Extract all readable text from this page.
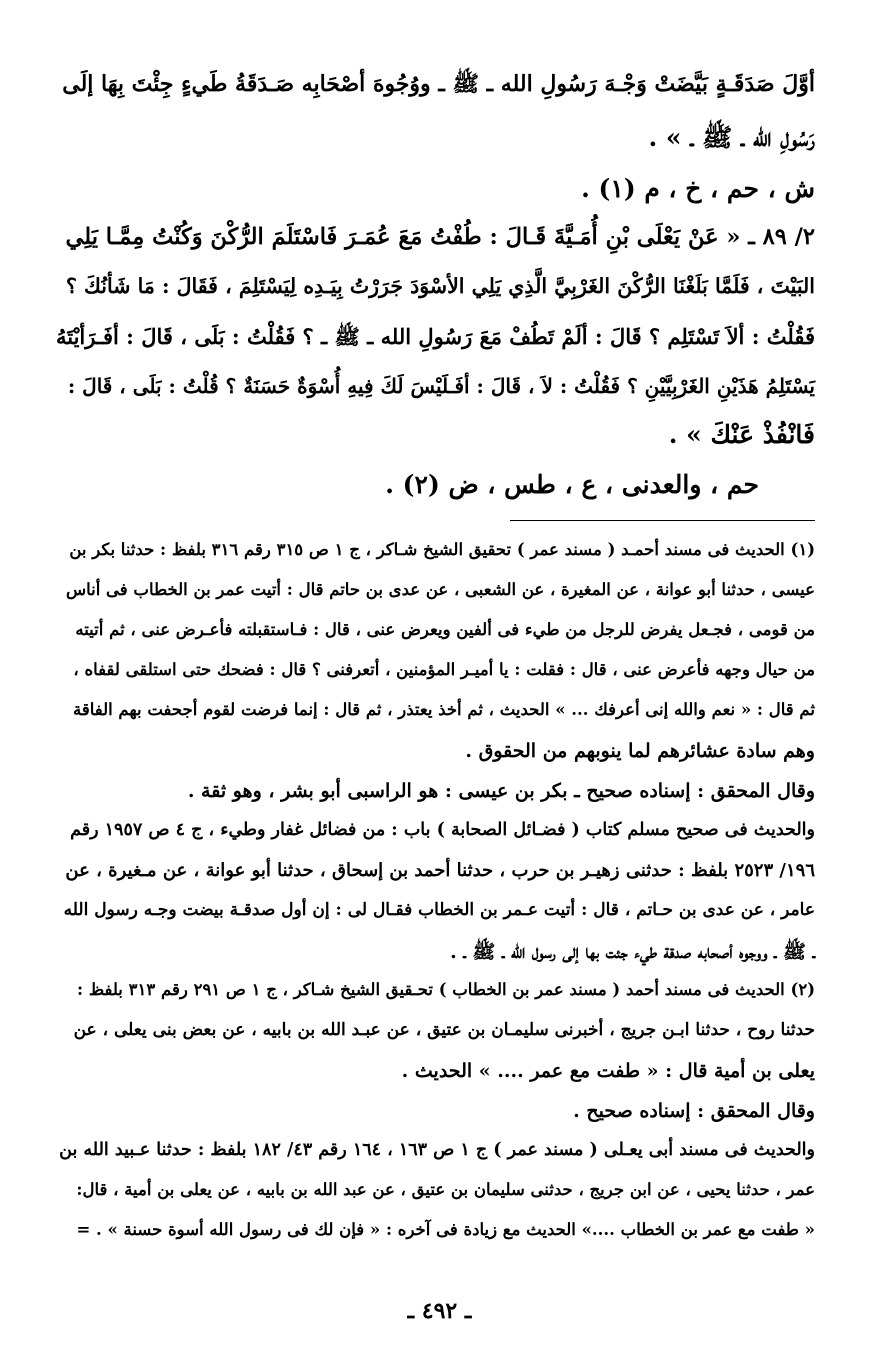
أوَّلَ صَدَقَـةٍ بَيَّضَتْ وَجْـهَ رَسُولِ الله ـ ﷺ ـ ووُجُوهَ أصْحَابِه صَـدَقَةُ طَيءٍ جِئْتَ بِهَا إلَى
رَسُولِ الله ـ ﷺ ـ » .
ش ، حم ، خ ، م (١) .
٢/ ٨٩ ـ « عَنْ يَعْلَى بْنِ أُمَـيَّةَ قَـالَ : طُفْتُ مَعَ عُمَـرَ فَاسْتَلَمَ الرُّكْنَ وَكُنْتُ مِمَّـا يَلِي
البَيْتَ ، فَلَمَّا بَلَغْنَا الرُّكْنَ الغَرْبِيَّ الَّذِي يَلِي الأسْوَدَ جَرَرْتُ بِيَـدِه لِيَسْتَلِمَ ، فَقَالَ : مَا شَأنُكَ ؟
فَقُلْتُ : ألاَ تَسْتَلِم ؟ قَالَ : ألَمْ تَطُفْ مَعَ رَسُولِ الله ـ ﷺ ـ ؟ فَقُلْتُ : بَلَى ، قَالَ : أفَـرَأيْتَهُ
يَسْتَلِمُ هَذَيْنِ الغَرْبِيَّيْنِ ؟ فَقُلْتُ : لاَ ، قَالَ : أفَـلَيْسَ لَكَ فِيهِ أُسْوَةٌ حَسَنَةٌ ؟ قُلْتُ : بَلَى ، قَالَ :
فَانْفُذْ عَنْكَ » .
حم ، والعدنى ، ع ، طس ، ض (٢) .
(١) الحديث فى مسند أحمـد ( مسند عمر ) تحقيق الشيخ شـاكر ، ج ١ ص ٣١٥ رقم ٣١٦ بلفظ : حدثنا بكر بن
عيسى ، حدثنا أبو عوانة ، عن المغيرة ، عن الشعبى ، عن عدى بن حاتم قال : أتيت عمر بن الخطاب فى أناس
من قومى ، فجـعل يفرض للرجل من طيء فى ألفين ويعرض عنى ، قال : فـاستقبلته فأعـرض عنى ، ثم أتيته
من حيال وجهه فأعرض عنى ، قال : فقلت : يا أميـر المؤمنين ، أتعرفنى ؟ قال : فضحك حتى استلقى لقفاه ،
ثم قال : « نعم والله إنى أعرفك ... » الحديث ، ثم أخذ يعتذر ، ثم قال : إنما فرضت لقوم أجحفت بهم الفاقة
وهم سادة عشائرهم لما ينوبهم من الحقوق .
وقال المحقق : إسناده صحيح ـ بكر بن عيسى : هو الراسبى أبو بشر ، وهو ثقة .
والحديث فى صحيح مسلم كتاب ( فضـائل الصحابة ) باب : من فضائل غفار وطيء ، ج ٤ ص ١٩٥٧ رقم
١٩٦/ ٢٥٢٣ بلفظ : حدثنى زهيـر بن حرب ، حدثنا أحمد بن إسحاق ، حدثنا أبو عوانة ، عن مـغيرة ، عن
عامر ، عن عدى بن حـاتم ، قال : أتيت عـمر بن الخطاب فقـال لى : إن أول صدقـة بيضت وجـه رسول الله
ـ ﷺ ـ ووجوه أصحابه صدقة طيء جئت بها إلى رسول الله ـ ﷺ ـ .
(٢) الحديث فى مسند أحمد ( مسند عمر بن الخطاب ) تحـقيق الشيخ شـاكر ، ج ١ ص ٢٩١ رقم ٣١٣ بلفظ :
حدثنا روح ، حدثنا ابـن جريج ، أخبرنى سليمـان بن عتيق ، عن عبـد الله بن بابيه ، عن بعض بنى يعلى ، عن
يعلى بن أمية قال : « طفت مع عمر .... » الحديث .
وقال المحقق : إسناده صحيح .
والحديث فى مسند أبى يعـلى ( مسند عمر ) ج ١ ص ١٦٣ ، ١٦٤ رقم ٤٣/ ١٨٢ بلفظ : حدثنا عـبيد الله بن
عمر ، حدثنا يحيى ، عن ابن جريج ، حدثنى سليمان بن عتيق ، عن عبد الله بن بابيه ، عن يعلى بن أمية ، قال:
« طفت مع عمر بن الخطاب ....» الحديث مع زيادة فى آخره : « فإن لك فى رسول الله أسوة حسنة » . =
ـ ٤٩٢ ـ
